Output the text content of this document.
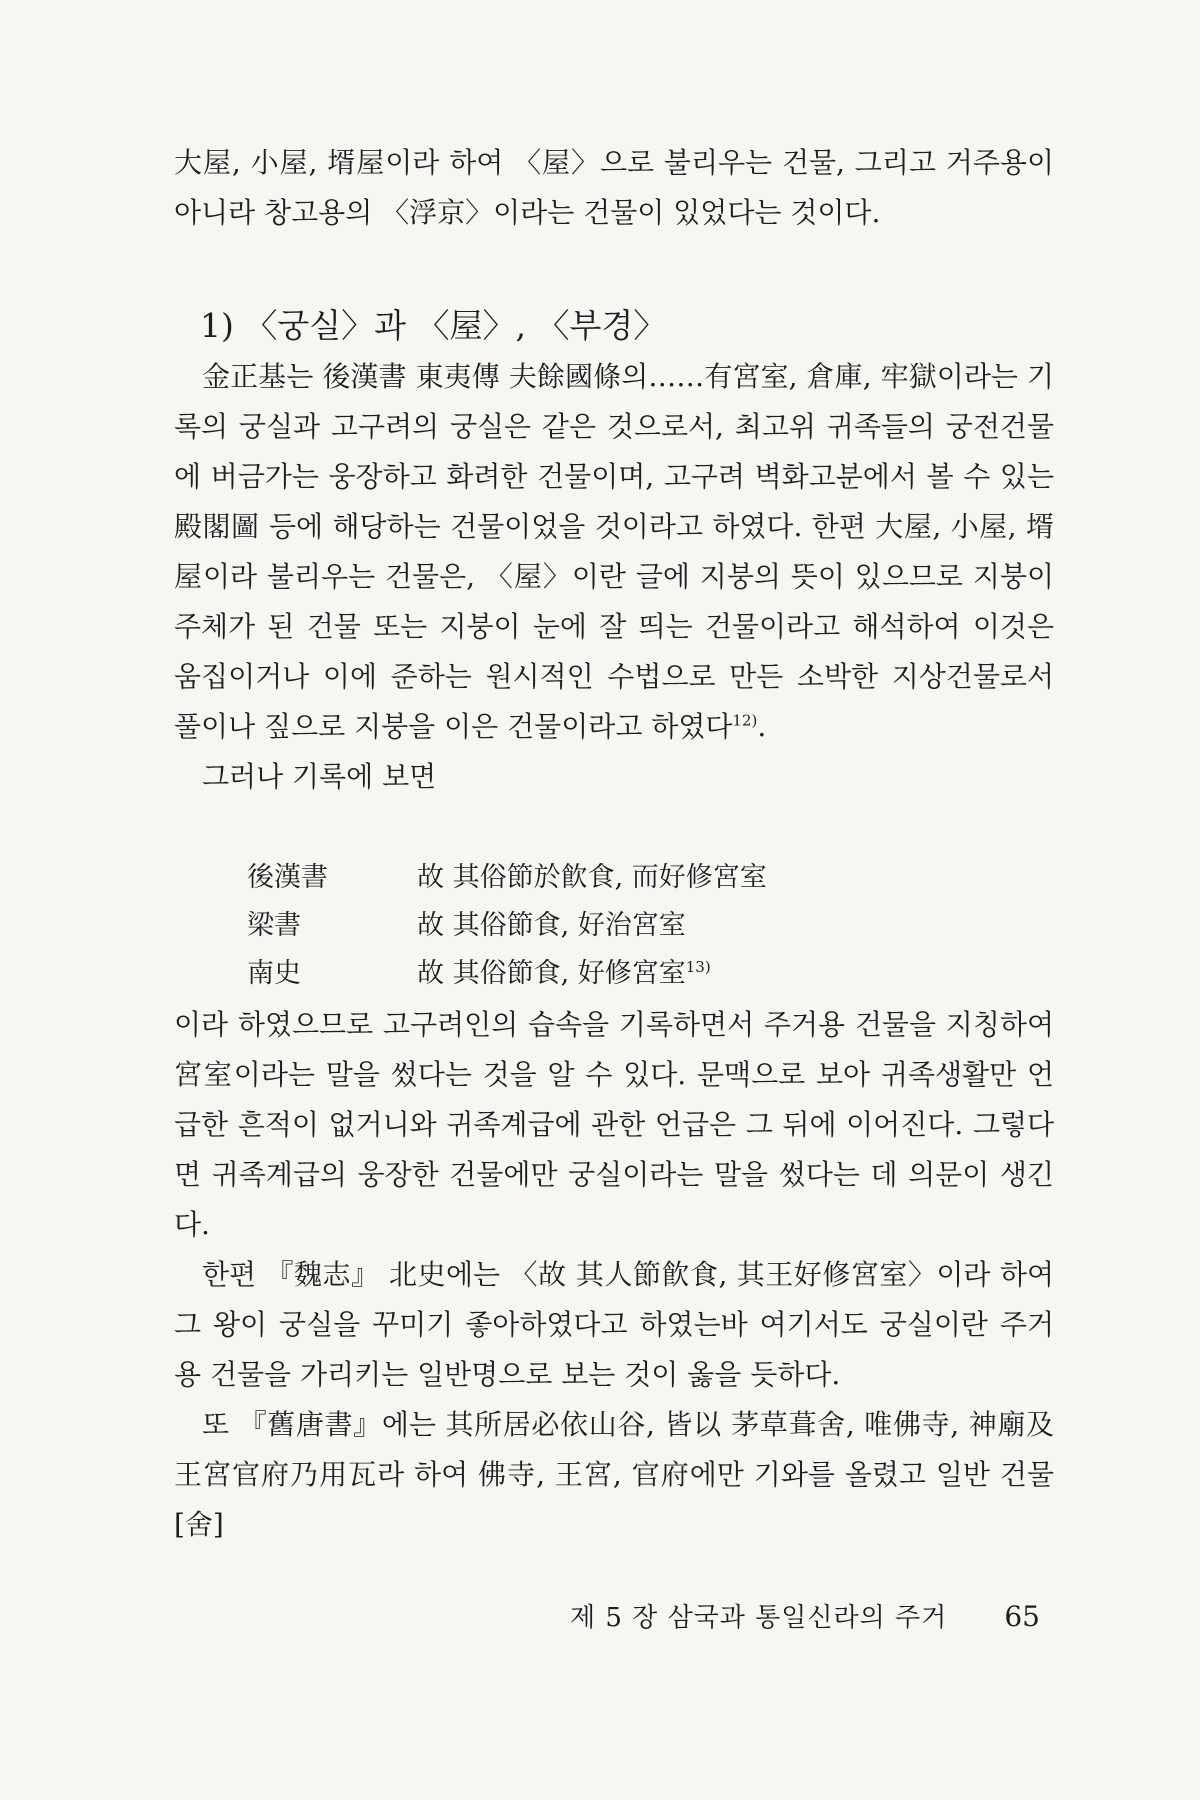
大屋, 小屋, 壻屋이라 하여 〈屋〉으로 불리우는 건물, 그리고 거주용이 아니라 창고용의 〈浮京〉이라는 건물이 있었다는 것이다.

1) 〈궁실〉과 〈屋〉, 〈부경〉

金正基는 後漢書 東夷傳 夫餘國條의……有宮室, 倉庫, 牢獄이라는 기록의 궁실과 고구려의 궁실은 같은 것으로서, 최고위 귀족들의 궁전건물에 버금가는 웅장하고 화려한 건물이며, 고구려 벽화고분에서 볼 수 있는 殿閣圖 등에 해당하는 건물이었을 것이라고 하였다. 한편 大屋, 小屋, 壻屋이라 불리우는 건물은, 〈屋〉이란 글에 지붕의 뜻이 있으므로 지붕이 주체가 된 건물 또는 지붕이 눈에 잘 띄는 건물이라고 해석하여 이것은 움집이거나 이에 준하는 원시적인 수법으로 만든 소박한 지상건물로서 풀이나 짚으로 지붕을 이은 건물이라고 하였다$^{12)}$.

그러나 기록에 보면

後漢書	故 其俗節於飮食, 而好修宮室
梁書	故 其俗節食, 好治宮室
南史	故 其俗節食, 好修宮室$^{13)}$

이라 하였으므로 고구려인의 습속을 기록하면서 주거용 건물을 지칭하여 宮室이라는 말을 썼다는 것을 알 수 있다. 문맥으로 보아 귀족생활만 언급한 흔적이 없거니와 귀족계급에 관한 언급은 그 뒤에 이어진다. 그렇다면 귀족계급의 웅장한 건물에만 궁실이라는 말을 썼다는 데 의문이 생긴다.

한편 『魏志』 北史에는 〈故 其人節飮食, 其王好修宮室〉이라 하여 그 왕이 궁실을 꾸미기 좋아하였다고 하였는바 여기서도 궁실이란 주거용 건물을 가리키는 일반명으로 보는 것이 옳을 듯하다.

또 『舊唐書』에는 其所居必依山谷, 皆以 茅草葺舍, 唯佛寺, 神廟及王宮官府乃用瓦라 하여 佛寺, 王宮, 官府에만 기와를 올렸고 일반 건물[舍]

제 5 장 삼국과 통일신라의 주거 65
